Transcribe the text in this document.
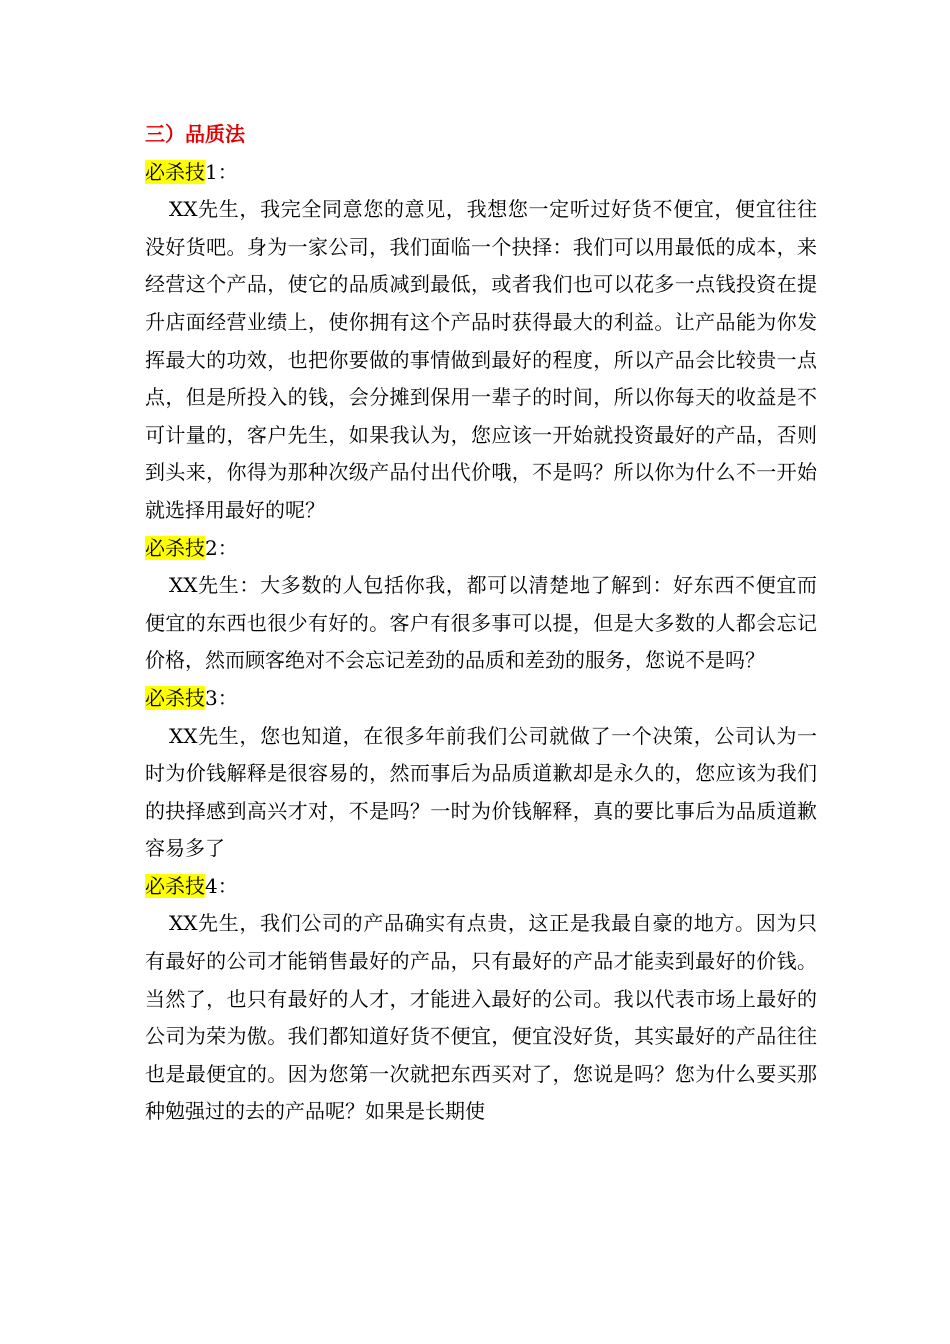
三）品质法

必杀技1：

XX先生，我完全同意您的意见，我想您一定听过好货不便宜，便宜往往没好货吧。身为一家公司，我们面临一个抉择：我们可以用最低的成本，来经营这个产品，使它的品质减到最低，或者我们也可以花多一点钱投资在提升店面经营业绩上，使你拥有这个产品时获得最大的利益。让产品能为你发挥最大的功效，也把你要做的事情做到最好的程度，所以产品会比较贵一点点，但是所投入的钱，会分摊到保用一辈子的时间，所以你每天的收益是不可计量的，客户先生，如果我认为，您应该一开始就投资最好的产品，否则到头来，你得为那种次级产品付出代价哦，不是吗？所以你为什么不一开始就选择用最好的呢？

必杀技2：

XX先生：大多数的人包括你我，都可以清楚地了解到：好东西不便宜而便宜的东西也很少有好的。客户有很多事可以提，但是大多数的人都会忘记价格，然而顾客绝对不会忘记差劲的品质和差劲的服务，您说不是吗？

必杀技3：

XX先生，您也知道，在很多年前我们公司就做了一个决策，公司认为一时为价钱解释是很容易的，然而事后为品质道歉却是永久的，您应该为我们的抉择感到高兴才对，不是吗？一时为价钱解释，真的要比事后为品质道歉容易多了

必杀技4：

XX先生，我们公司的产品确实有点贵，这正是我最自豪的地方。因为只有最好的公司才能销售最好的产品，只有最好的产品才能卖到最好的价钱。当然了，也只有最好的人才，才能进入最好的公司。我以代表市场上最好的公司为荣为傲。我们都知道好货不便宜，便宜没好货，其实最好的产品往往也是最便宜的。因为您第一次就把东西买对了，您说是吗？您为什么要买那种勉强过的去的产品呢？如果是长期使
